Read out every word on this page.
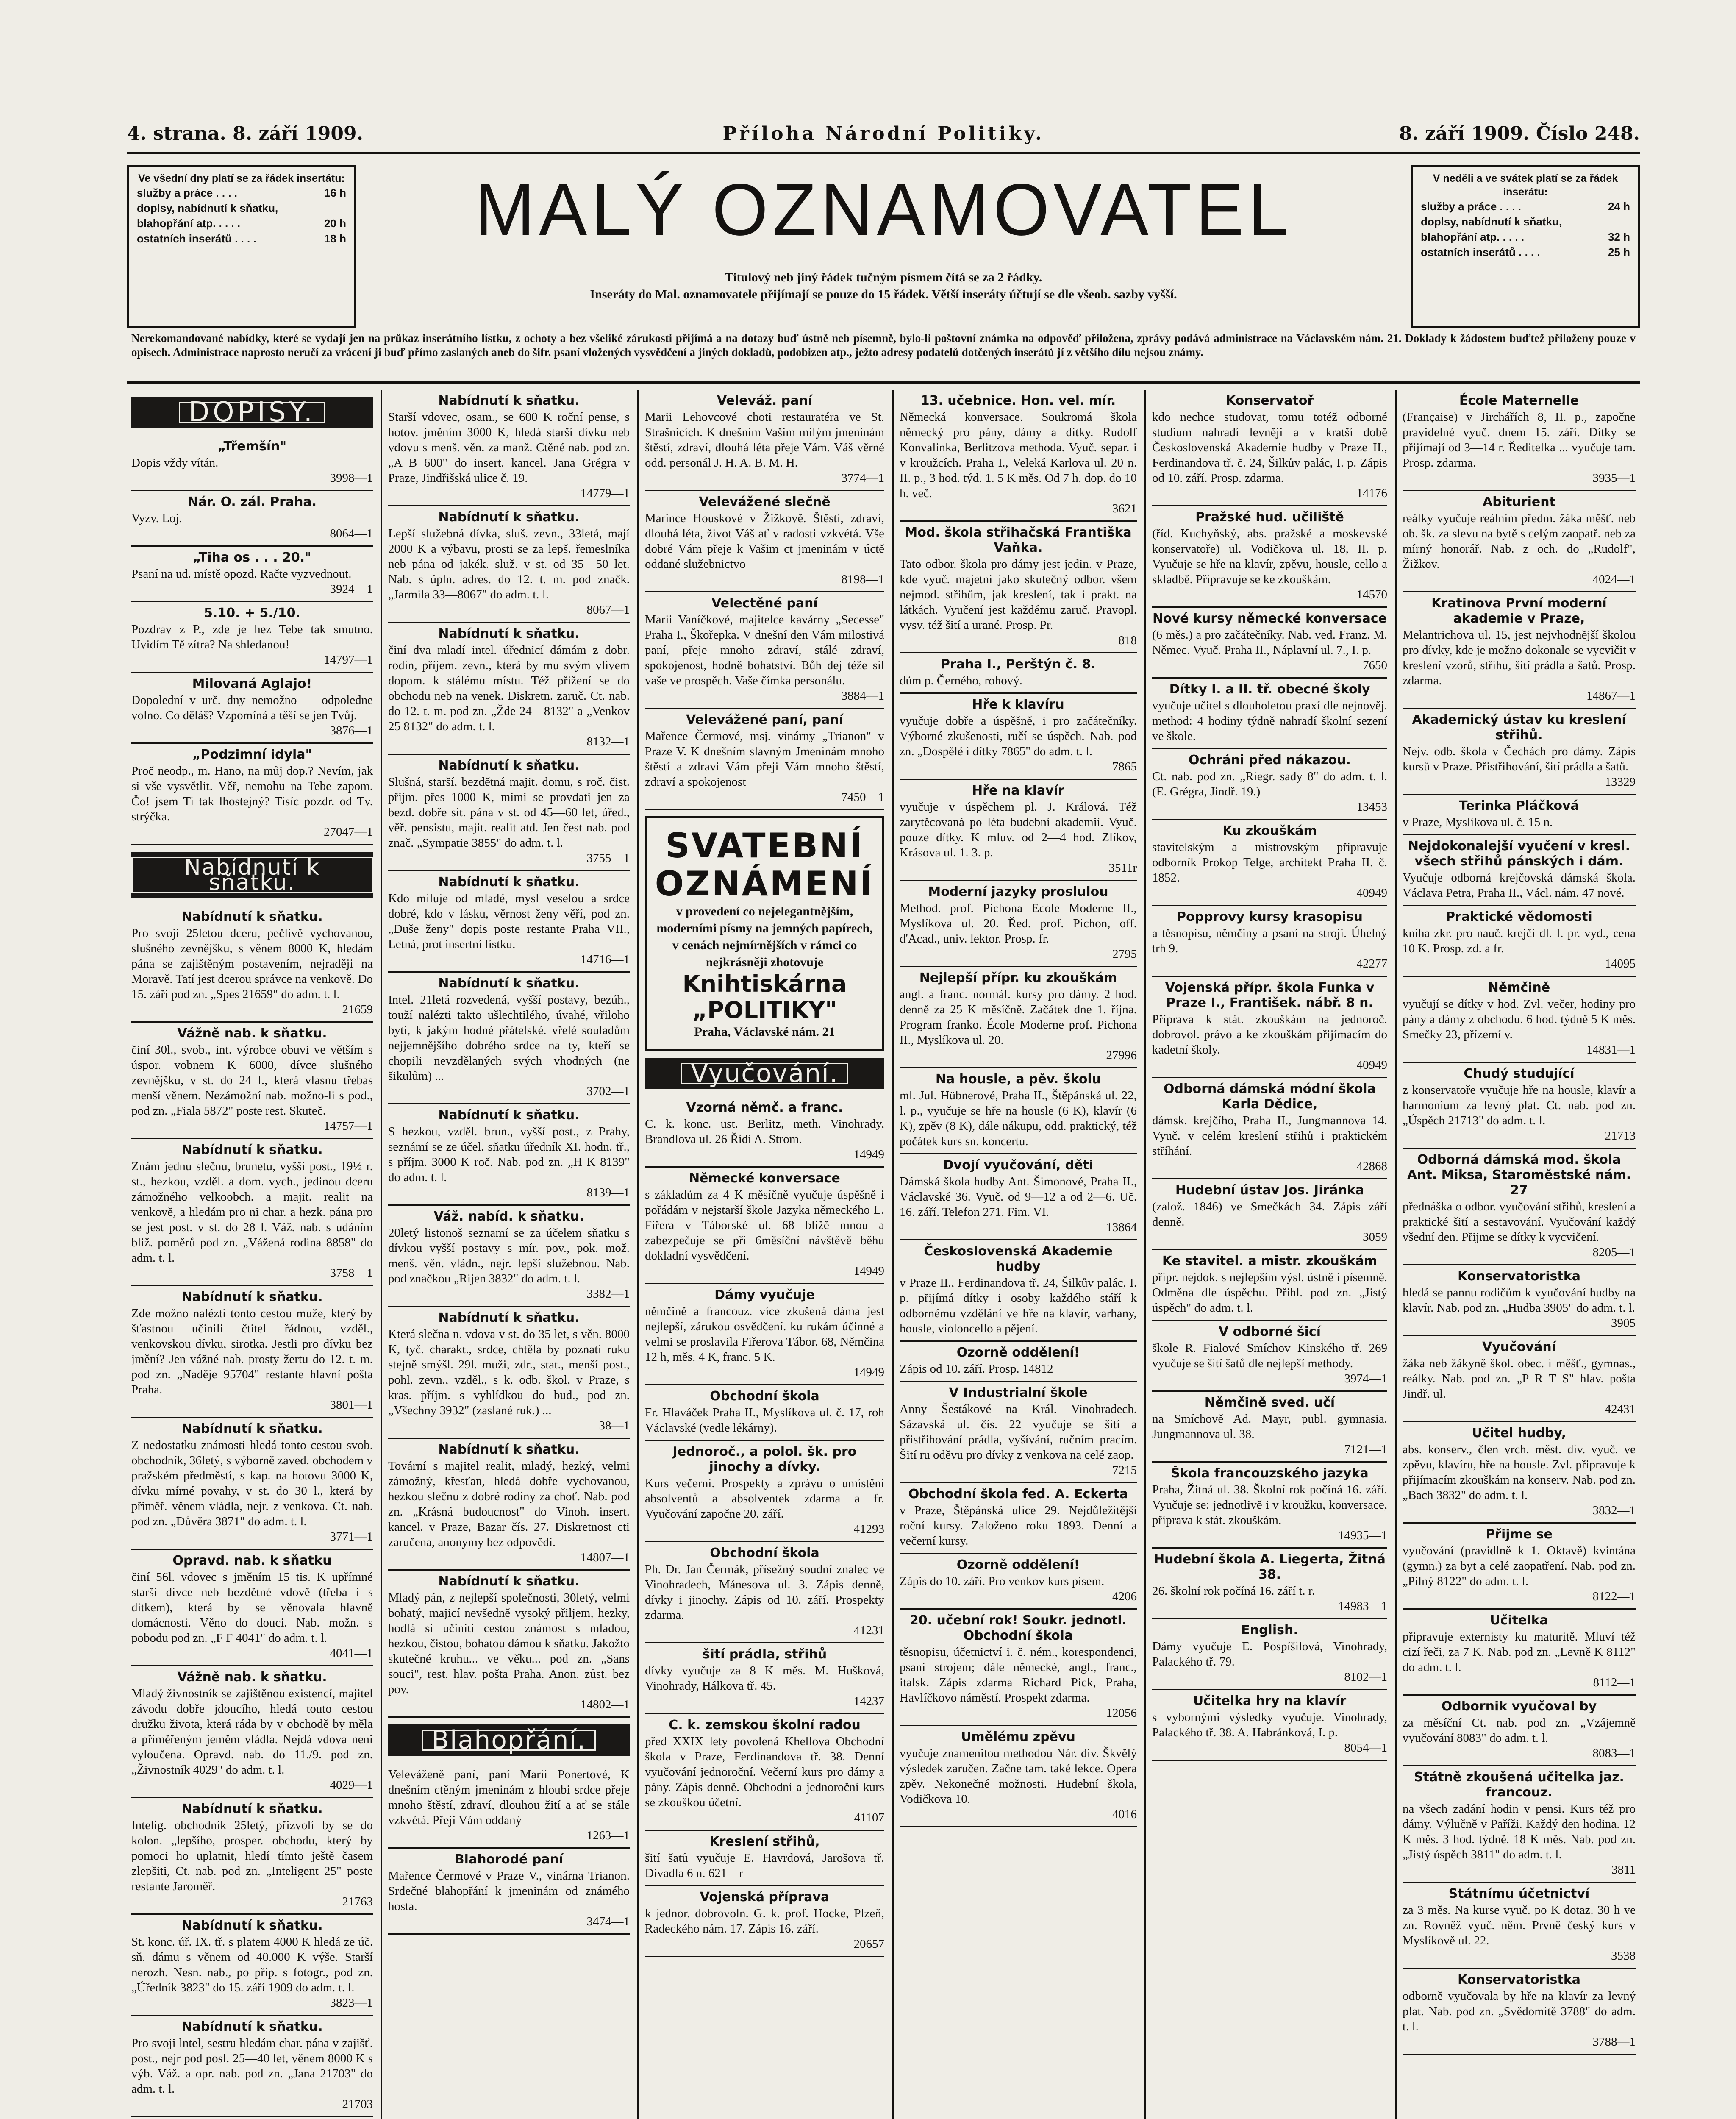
4. strana. 8. září 1909.	Příloha Národní Politiky.	8. září 1909. Číslo 248.
Ve všední dny platí se za řádek insertátu:
služby a práce . . . .	16 h
doplsy, nabídnutí k sňatku,
blahopřání atp. . . . .	20 h
ostatních inserátů . . . .	18 h	MALÝ OZNAMOVATEL
Titulový neb jiný řádek tučným písmem čítá se za 2 řádky.
Inseráty do Mal. oznamovatele přijímají se pouze do 15 řádek. Větší inseráty účtují se dle všeob. sazby vyšší.
V neděli a ve svátek platí se za řádek inserátu:
služby a práce . . . .	24 h
doplsy, nabídnutí k sňatku,
blahopřání atp. . . . .	32 h
ostatních inserátů . . . .	25 h
Nerekomandované nabídky, které se vydají jen na průkaz inserátního lístku, z ochoty a bez všeliké zárukosti přijímá a na dotazy buď ústně neb písemně, bylo-li poštovní známka na odpověď přiložena, zprávy podává administrace na Václavském nám. 21. Doklady k žádostem buďtež přiloženy pouze v opisech. Administrace naprosto neručí za vrácení ji buď přímo zaslaných aneb do šifr. psaní vložených vysvědčení a jiných dokladů, podobizen atp., ježto adresy podatelů dotčených inserátů jí z většího dílu nejsou známy.
DOPISY.
„Třemšín"

Dopis vždy vítán.

3998—1
Nár. O. zál. Praha.

Vyzv. Loj.

8064—1
„Tiha os . . . 20."

Psaní na ud. místě opozd. Račte vyzvednout.

3924—1
5.10. + 5./10.

Pozdrav z P., zde je hez Tebe tak smutno. Uvidím Tě zítra? Na shledanou!

14797—1
Milovaná Aglajo!

Dopolední v urč. dny nemožno — odpoledne volno. Co děláš? Vzpomíná a těší se jen Tvůj.

3876—1
„Podzimní idyla"

Proč neodp., m. Hano, na můj dop.? Nevím, jak si vše vysvětlit. Věř, nemohu na Tebe zapom. Čo! jsem Ti tak lhostejný? Tisíc pozdr. od Tv. strýčka.

27047—1
Nabídnutí k sňatku.
Nabídnutí k sňatku.

Pro svoji 25letou dceru, pečlivě vychovanou, slušného zevnějšku, s věnem 8000 K, hledám pána se zajištěným postavením, nejraději na Moravě. Tatí jest dcerou správce na venkově. Do 15. září pod zn. „Spes 21659" do adm. t. l.

21659
Vážně nab. k sňatku.

činí 30l., svob., int. výrobce obuvi ve větším s úspor. vobnem K 6000, dívce slušného zevnějšku, v st. do 24 l., která vlasnu třebas menší věnem. Nezámožní nab. možno-li s pod., pod zn. „Fiala 5872" poste rest. Skuteč.

14757—1
Nabídnutí k sňatku.

Znám jednu slečnu, brunetu, vyšší post., 19½ r. st., hezkou, vzděl. a dom. vych., jedinou dceru zámožného velkoobch. a majit. realit na venkově, a hledám pro ni char. a hezk. pána pro se jest post. v st. do 28 l. Váž. nab. s udáním bliž. poměrů pod zn. „Vážená rodina 8858" do adm. t. l.

3758—1
Nabídnutí k sňatku.

Zde možno nalézti tonto cestou muže, který by šťastnou učinili čtitel řádnou, vzděl., venkovskou dívku, sirotka. Jestli pro dívku bez jmění? Jen vážné nab. prosty žertu do 12. t. m. pod zn. „Naděje 95704" restante hlavní pošta Praha.

3801—1
Nabídnutí k sňatku.

Z nedostatku známosti hledá tonto cestou svob. obchodník, 36letý, s výborně zaved. obchodem v pražském předměstí, s kap. na hotovu 3000 K, dívku mírné povahy, v st. do 30 l., která by přiměř. věnem vládla, nejr. z venkova. Ct. nab. pod zn. „Důvěra 3871" do adm. t. l.

3771—1
Opravd. nab. k sňatku

činí 56l. vdovec s jměním 15 tis. K upřímné starší dívce neb bezdětné vdově (třeba i s ditkem), která by se věnovala hlavně domácnosti. Věno do douci. Nab. možn. s pobodu pod zn. „F F 4041" do adm. t. l.

4041—1
Vážně nab. k sňatku.

Mladý živnostník se zajištěnou existencí, majitel závodu dobře jdoucího, hledá touto cestou družku života, která ráda by v obchodě by měla a přiměřeným jeměm vládla. Nejdá vdova neni vyloučena. Opravd. nab. do 11./9. pod zn. „Živnostník 4029" do adm. t. l.

4029—1
Nabídnutí k sňatku.

Intelig. obchodník 25letý, přizvolí by se do kolon. „lepšího, prosper. obchodu, který by pomoci ho uplatnit, hledí tímto ještě časem zlepšiti, Ct. nab. pod zn. „Inteligent 25" poste restante Jaroměř.

21763
Nabídnutí k sňatku.

St. konc. úř. IX. tř. s platem 4000 K hledá ze úč. sň. dámu s věnem od 40.000 K výše. Starší nerozh. Nesn. nab., po přip. s fotogr., pod zn. „Úředník 3823" do 15. září 1909 do adm. t. l.

3823—1
Nabídnutí k sňatku.

Pro svoji lntel, sestru hledám char. pána v zajišť. post., nejr pod posl. 25—40 let, věnem 8000 K s výb. Váž. a opr. nab. pod zn. „Jana 21703" do adm. t. l.

21703
Nabídnutí k sňatku.

Starší vdovec, osam., se 600 K roční pense, s hotov. jměním 3000 K, hledá starší dívku neb vdovu s menš. věn. za manž. Ctěné nab. pod zn. „A B 600" do insert. kancel. Jana Grégra v Praze, Jindřišská ulice č. 19.

14779—1
Nabídnutí k sňatku.

Lepší služebná dívka, sluš. zevn., 33letá, mají 2000 K a výbavu, prosti se za lepš. řemeslníka neb pána od jakék. služ. v st. od 35—50 let. Nab. s úpln. adres. do 12. t. m. pod značk. „Jarmila 33—8067" do adm. t. l.

8067—1
Nabídnutí k sňatku.

činí dva mladí intel. úřednicí dámám z dobr. rodin, příjem. zevn., která by mu svým vlivem dopom. k stálému místu. Též přižení se do obchodu neb na venek. Diskretn. zaruč. Ct. nab. do 12. t. m. pod zn. „Žde 24—8132" a „Venkov 25 8132" do adm. t. l.

8132—1
Nabídnutí k sňatku.

Slušná, starší, bezdětná majit. domu, s roč. čist. přijm. přes 1000 K, mimi se provdati jen za bezd. dobře sit. pána v st. od 45—60 let, úřed., věř. pensistu, majit. realit atd. Jen čest nab. pod znač. „Sympatie 3855" do adm. t. l.

3755—1
Nabídnutí k sňatku.

Kdo miluje od mladé, mysl veselou a srdce dobré, kdo v lásku, věrnost ženy věří, pod zn. „Duše ženy" dopis poste restante Praha VII., Letná, prot insertní lístku.

14716—1
Nabídnutí k sňatku.

Intel. 21letá rozvedená, vyšší postavy, bezúh., touží nalézti takto ušlechtilého, úvahé, vřiloho bytí, k jakým hodné přátelské. vřelé souladům nejjemnějšího dobrého srdce na ty, kteří se chopili nevzdělaných svých vhodných (ne šikulům) ...

3702—1
Nabídnutí k sňatku.

S hezkou, vzděl. brun., vyšší post., z Prahy, seznámí se ze účel. sňatku úředník XI. hodn. tř., s příjm. 3000 K roč. Nab. pod zn. „H K 8139" do adm. t. l.

8139—1
Váž. nabíd. k sňatku.

20letý listonoš seznamí se za účelem sňatku s dívkou vyšší postavy s mír. pov., pok. mož. menš. věn. vládn., nejr. lepší služebnou. Nab. pod značkou „Rijen 3832" do adm. t. l.

3382—1
Nabídnutí k sňatku.

Která slečna n. vdova v st. do 35 let, s věn. 8000 K, tyč. charakt., srdce, chtěla by poznati ruku stejně smýšl. 29l. muži, zdr., stat., menší post., pohl. zevn., vzděl., s k. odb. škol, v Praze, s kras. příjm. s vyhlídkou do bud., pod zn. „Všechny 3932" (zaslané ruk.) ...

38—1
Nabídnutí k sňatku.

Tovární s majitel realit, mladý, hezký, velmi zámožný, křesťan, hledá dobře vychovanou, hezkou slečnu z dobré rodiny za choť. Nab. pod zn. „Krásná budoucnost" do Vinoh. insert. kancel. v Praze, Bazar čís. 27. Diskretnost cti zaručena, anonymy bez odpovědi.

14807—1
Nabídnutí k sňatku.

Mladý pán, z nejlepší společnosti, 30letý, velmi bohatý, majicí nevšedně vysoký přiljem, hezky, hodlá si učiniti cestou známost s mladou, hezkou, čistou, bohatou dámou k sňatku. Jakožto skutečné kruhu... ve věku... pod zn. „Sans souci", rest. hlav. pošta Praha. Anon. zůst. bez pov.

14802—1
Blahopřání.

Veleváženě paní, paní Marii Ponertové, K dnešním ctěným jmeninám z hloubi srdce přeje mnoho štěstí, zdraví, dlouhou žití a ať se stále vzkvétá. Přeji Vám oddaný

1263—1
Blahorodé paní

Mařence Čermové v Praze V., vinárna Trianon. Srdečné blahopřání k jmeninám od známého hosta.

3474—1
Veleváž. paní

Marii Lehovcové choti restauratéra ve St. Strašnicích. K dnešním Vašim milým jmeninám štěstí, zdraví, dlouhá léta přeje Vám. Váš věrné odd. personál J. H. A. B. M. H.

3774—1
Velevážené slečně

Marince Houskové v Žižkově. Štěstí, zdraví, dlouhá léta, život Váš ať v radosti vzkvétá. Vše dobré Vám přeje k Vašim ct jmeninám v úctě oddané služebnictvo

8198—1
Velectěné paní

Marii Vaníčkové, majitelce kavárny „Secesse" Praha I., Škořepka. V dnešní den Vám milostivá paní, přeje mnoho zdraví, stálé zdraví, spokojenost, hodně bohatství. Bůh dej téže sil vaše ve prospěch. Vaše čímka personálu.

3884—1
Velevážené paní, paní

Mařence Čermové, msj. vinárny „Trianon" v Praze V. K dnešním slavným Jmeninám mnoho štěstí a zdravi Vám přeji Vám mnoho štěstí, zdraví a spokojenost

7450—1
SVATEBNÍ
OZNÁMENÍ
v provedení co nejelegantnějším, moderními písmy na jemných papírech, v cenách nejmírnějších v rámci co nejkrásněji zhotovuje
Knihtiskárna
„POLITIKY"
Praha, Václavské nám. 21
Vyučování.
Vzorná němč. a franc.

C. k. konc. ust. Berlitz, meth. Vinohrady, Brandlova ul. 26 Řídí A. Strom.

14949
Německé konversace

s základům za 4 K měsíčně vyučuje úspěšně i pořádám v nejstarší škole Jazyka německého L. Fiřera v Táborské ul. 68 bližě mnou a zabezpečuje se při 6měsíční návštěvě běhu dokladní vysvědčení.

14949
Dámy vyučuje

němčině a francouz. více zkušená dáma jest nejlepší, zárukou osvědčení. ku rukám účinné a velmi se proslavila Fiřerova Tábor. 68, Němčina 12 h, měs. 4 K, franc. 5 K.

14949
Obchodní škola

Fr. Hlaváček Praha II., Myslíkova ul. č. 17, roh Václavské (vedle lékárny).

Jednoroč., a polol. šk. pro jinochy a dívky.

Kurs večerní. Prospekty a zprávu o umístění absolventů a absolventek zdarma a fr. Vyučování započne 20. září.

41293
Obchodní škola

Ph. Dr. Jan Čermák, přísežný soudní znalec ve Vinohradech, Mánesova ul. 3. Zápis denně, dívky i jinochy. Zápis od 10. září. Prospekty zdarma.

41231
šití prádla, střihů

dívky vyučuje za 8 K měs. M. Hušková, Vinohrady, Hálkova tř. 45.

14237
C. k. zemskou školní radou

před XXIX lety povolená Khellova Obchodní škola v Praze, Ferdinandova tř. 38. Denní vyučování jednoroční. Večerní kurs pro dámy a pány. Zápis denně. Obchodní a jednoroční kurs se zkouškou účetní.

41107
Kreslení střihů,

šití šatů vyučuje E. Havrdová, Jarošova tř. Divadla 6 n. 621—r

Vojenská příprava

k jednor. dobrovoln. G. k. prof. Hocke, Plzeň, Radeckého nám. 17. Zápis 16. září.

20657
13. učebnice. Hon. vel. mír.

Německá konversace. Soukromá škola německý pro pány, dámy a dítky. Rudolf Konvalinka, Berlitzova methoda. Vyuč. separ. i v kroužcích. Praha I., Veleká Karlova ul. 20 n. II. p., 3 hod. týd. 1. 5 K měs. Od 7 h. dop. do 10 h. več.

3621
Mod. škola střihačská Františka Vaňka.

Tato odbor. škola pro dámy jest jedin. v Praze, kde vyuč. majetni jako skutečný odbor. všem nejmod. střihům, jak kreslení, tak i prakt. na látkách. Vyučení jest každému zaruč. Pravopl. vysv. též šití a urané. Prosp. Pr.

818
Praha I., Perštýn č. 8.

dům p. Černého, rohový.

Hře k klavíru

vyučuje dobře a úspěšně, i pro začátečníky. Výborné zkušenosti, ručí se úspěch. Nab. pod zn. „Dospělé i dítky 7865" do adm. t. l.

7865
Hře na klavír

vyučuje v úspěchem pl. J. Králová. Též zarytěcovaná po léta budební akademii. Vyuč. pouze dítky. K mluv. od 2—4 hod. Zlíkov, Krásova ul. 1. 3. p.

3511r
Moderní jazyky proslulou

Method. prof. Pichona Ecole Moderne II., Myslíkova ul. 20. Řed. prof. Pichon, off. d'Acad., univ. lektor. Prosp. fr.

2795
Nejlepší přípr. ku zkouškám

angl. a franc. normál. kursy pro dámy. 2 hod. denně za 25 K měsíčně. Začátek dne 1. října. Program franko. École Moderne prof. Pichona II., Myslíkova ul. 20.

27996
Na housle, a pěv. školu

ml. Jul. Hübnerové, Praha II., Štěpánská ul. 22, l. p., vyučuje se hře na housle (6 K), klavír (6 K), zpěv (8 K), dále nákupu, odd. praktický, též počátek kurs sn. koncertu.

Dvojí vyučování, děti

Dámská škola hudby Ant. Šimonové, Praha II., Václavské 36. Vyuč. od 9—12 a od 2—6. Uč. 16. září. Telefon 271. Fim. VI.

13864
Československá Akademie hudby

v Praze II., Ferdinandova tř. 24, Šilkův palác, I. p. přijímá dítky i osoby každého stáří k odbornému vzdělání ve hře na klavír, varhany, housle, violoncello a pějení.

Ozorně oddělení!

Zápis od 10. září. Prosp. 14812

V Industrialní škole

Anny Šestákové na Král. Vinohradech. Sázavská ul. čís. 22 vyučuje se šití a přistřihování prádla, vyšívání, ručním pracím. Šití ru oděvu pro dívky z venkova na celé zaop.

7215
Obchodní škola fed. A. Eckerta

v Praze, Štěpánská ulice 29. Nejdůležitější roční kursy. Založeno roku 1893. Denní a večerní kursy.

Ozorně oddělení!

Zápis do 10. září. Pro venkov kurs písem.

4206
20. učební rok! Soukr. jednotl. Obchodní škola

těsnopisu, účetnictví i. č. ném., korespondenci, psaní strojem; dále německé, angl., franc., italsk. Zápis zdarma Richard Pick, Praha, Havlíčkovo náměstí. Prospekt zdarma.

12056
Umělému zpěvu

vyučuje znamenitou methodou Nár. div. Škvělý výsledek zaručen. Začne tam. také lekce. Opera zpěv. Nekonečné možnosti. Hudební škola, Vodičkova 10.

4016
Konservatoř

kdo nechce studovat, tomu totéž odborné studium nahradí levněji a v kratší době Československá Akademie hudby v Praze II., Ferdinandova tř. č. 24, Šilkův palác, I. p. Zápis od 10. září. Prosp. zdarma.

14176
Pražské hud. učiliště

(říd. Kuchyňský, abs. pražské a moskevské konservatoře) ul. Vodičkova ul. 18, II. p. Vyučuje se hře na klavír, zpěvu, housle, cello a skladbě. Připravuje se ke zkouškám.

14570
Nové kursy německé konversace

(6 měs.) a pro začátečníky. Nab. ved. Franz. M. Němec. Vyuč. Praha II., Náplavní ul. 7., I. p.

7650
Dítky I. a II. tř. obecné školy

vyučuje učitel s dlouholetou praxí dle nejnověj. method: 4 hodiny týdně nahradí školní sezení ve škole.

Ochráni před nákazou.

Ct. nab. pod zn. „Riegr. sady 8" do adm. t. l. (E. Grégra, Jindř. 19.)

13453
Ku zkouškám

stavitelským a mistrovským připravuje odborník Prokop Telge, architekt Praha II. č. 1852.

40949
Popprovy kursy krasopisu

a těsnopisu, němčiny a psaní na stroji. Úhelný trh 9.

42277
Vojenská přípr. škola Funka v Praze I., František. nábř. 8 n.

Příprava k stát. zkouškám na jednoroč. dobrovol. právo a ke zkouškám přijímacím do kadetní školy.

40949
Odborná dámská módní škola Karla Dědice,

dámsk. krejčího, Praha II., Jungmannova 14. Vyuč. v celém kreslení střihů i praktickém stříhání.

42868
Hudební ústav Jos. Jiránka

(založ. 1846) ve Smečkách 34. Zápis září denně.

3059
Ke stavitel. a mistr. zkouškám

připr. nejdok. s nejlepším výsl. ústně i písemně. Odměna dle úspěchu. Přihl. pod zn. „Jistý úspěch" do adm. t. l.

V odborné šicí

škole R. Fialové Smíchov Kinského tř. 269 vyučuje se šití šatů dle nejlepší methody.

3974—1
Němčině sved. učí

na Smíchově Ad. Mayr, publ. gymnasia. Jungmannova ul. 38.

7121—1
Škola francouzského jazyka

Praha, Žitná ul. 38. Školní rok počíná 16. září. Vyučuje se: jednotlivě i v kroužku, konversace, příprava k stát. zkouškám.

14935—1
Hudební škola A. Liegerta, Žitná 38.

26. školní rok počíná 16. září t. r.

14983—1
English.

Dámy vyučuje E. Pospíšilová, Vinohrady, Palackého tř. 79.

8102—1
Učitelka hry na klavír

s vybornými výsledky vyučuje. Vinohrady, Palackého tř. 38. A. Habránková, I. p.

8054—1
École Maternelle

(Française) v Jirchářích 8, II. p., započne pravidelné vyuč. dnem 15. září. Dítky se přijímají od 3—14 r. Ředitelka ... vyučuje tam. Prosp. zdarma.

3935—1
Abiturient

reálky vyučuje reálním předm. žáka měšť. neb ob. šk. za slevu na bytě s celým zaopatř. neb za mírný honorář. Nab. z och. do „Rudolf", Žižkov.

4024—1
Kratinova První moderní akademie v Praze,

Melantrichova ul. 15, jest nejvhodnější školou pro dívky, kde je možno dokonale se vycvičit v kreslení vzorů, střihu, šití prádla a šatů. Prosp. zdarma.

14867—1
Akademický ústav ku kreslení střihů.

Nejv. odb. škola v Čechách pro dámy. Zápis kursů v Praze. Přistřihování, šití prádla a šatů.

13329
Terinka Pláčková

v Praze, Myslíkova ul. č. 15 n.

Nejdokonalejší vyučení v kresl. všech střihů pánských i dám.

Vyučuje odborná krejčovská dámská škola. Václava Petra, Praha II., Václ. nám. 47 nové.

Praktické vědomosti

kniha zkr. pro nauč. krejčí dl. I. pr. vyd., cena 10 K. Prosp. zd. a fr.

14095
Němčině

vyučují se dítky v hod. Zvl. večer, hodiny pro pány a dámy z obchodu. 6 hod. týdně 5 K měs. Smečky 23, přízemí v.

14831—1
Chudý studující

z konservatoře vyučuje hře na housle, klavír a harmonium za levný plat. Ct. nab. pod zn. „Úspěch 21713" do adm. t. l.

21713
Odborná dámská mod. škola Ant. Miksa, Staroměstské nám. 27

přednáška o odbor. vyučování střihů, kreslení a praktické šití a sestavování. Vyučování každý všední den. Přijme se dítky k vycvičení.

8205—1
Konservatoristka

hledá se pannu rodičům k vyučování hudby na klavír. Nab. pod zn. „Hudba 3905" do adm. t. l.

3905
Vyučování

žáka neb žákyně škol. obec. i měšť., gymnas., reálky. Nab. pod zn. „P R T S" hlav. pošta Jindř. ul.

42431
Učitel hudby,

abs. konserv., člen vrch. měst. div. vyuč. ve zpěvu, klavíru, hře na housle. Zvl. připravuje k přijímacím zkouškám na konserv. Nab. pod zn. „Bach 3832" do adm. t. l.

3832—1
Přijme se

vyučování (pravidlně k 1. Oktavě) kvintána (gymn.) za byt a celé zaopatření. Nab. pod zn. „Pilný 8122" do adm. t. l.

8122—1
Učitelka

připravuje externisty ku maturitě. Mluví též cizí řeči, za 7 K. Nab. pod zn. „Levně K 8112" do adm. t. l.

8112—1
Odbornik vyučoval by

za měsíční Ct. nab. pod zn. „Vzájemně vyučování 8083" do adm. t. l.

8083—1
Státně zkoušená učitelka jaz. francouz.

na všech zadání hodin v pensi. Kurs též pro dámy. Výlučně v Paříži. Každý den hodina. 12 K měs. 3 hod. týdně. 18 K měs. Nab. pod zn. „Jistý úspěch 3811" do adm. t. l.

3811
Státnímu účetnictví

za 3 měs. Na kurse vyuč. po K dotaz. 30 h ve zn. Rovněž vyuč. něm. Prvně český kurs v Myslíkově ul. 22.

3538
Konservatoristka

odborně vyučovala by hře na klavír za levný plat. Nab. pod zn. „Svědomitě 3788" do adm. t. l.

3788—1
